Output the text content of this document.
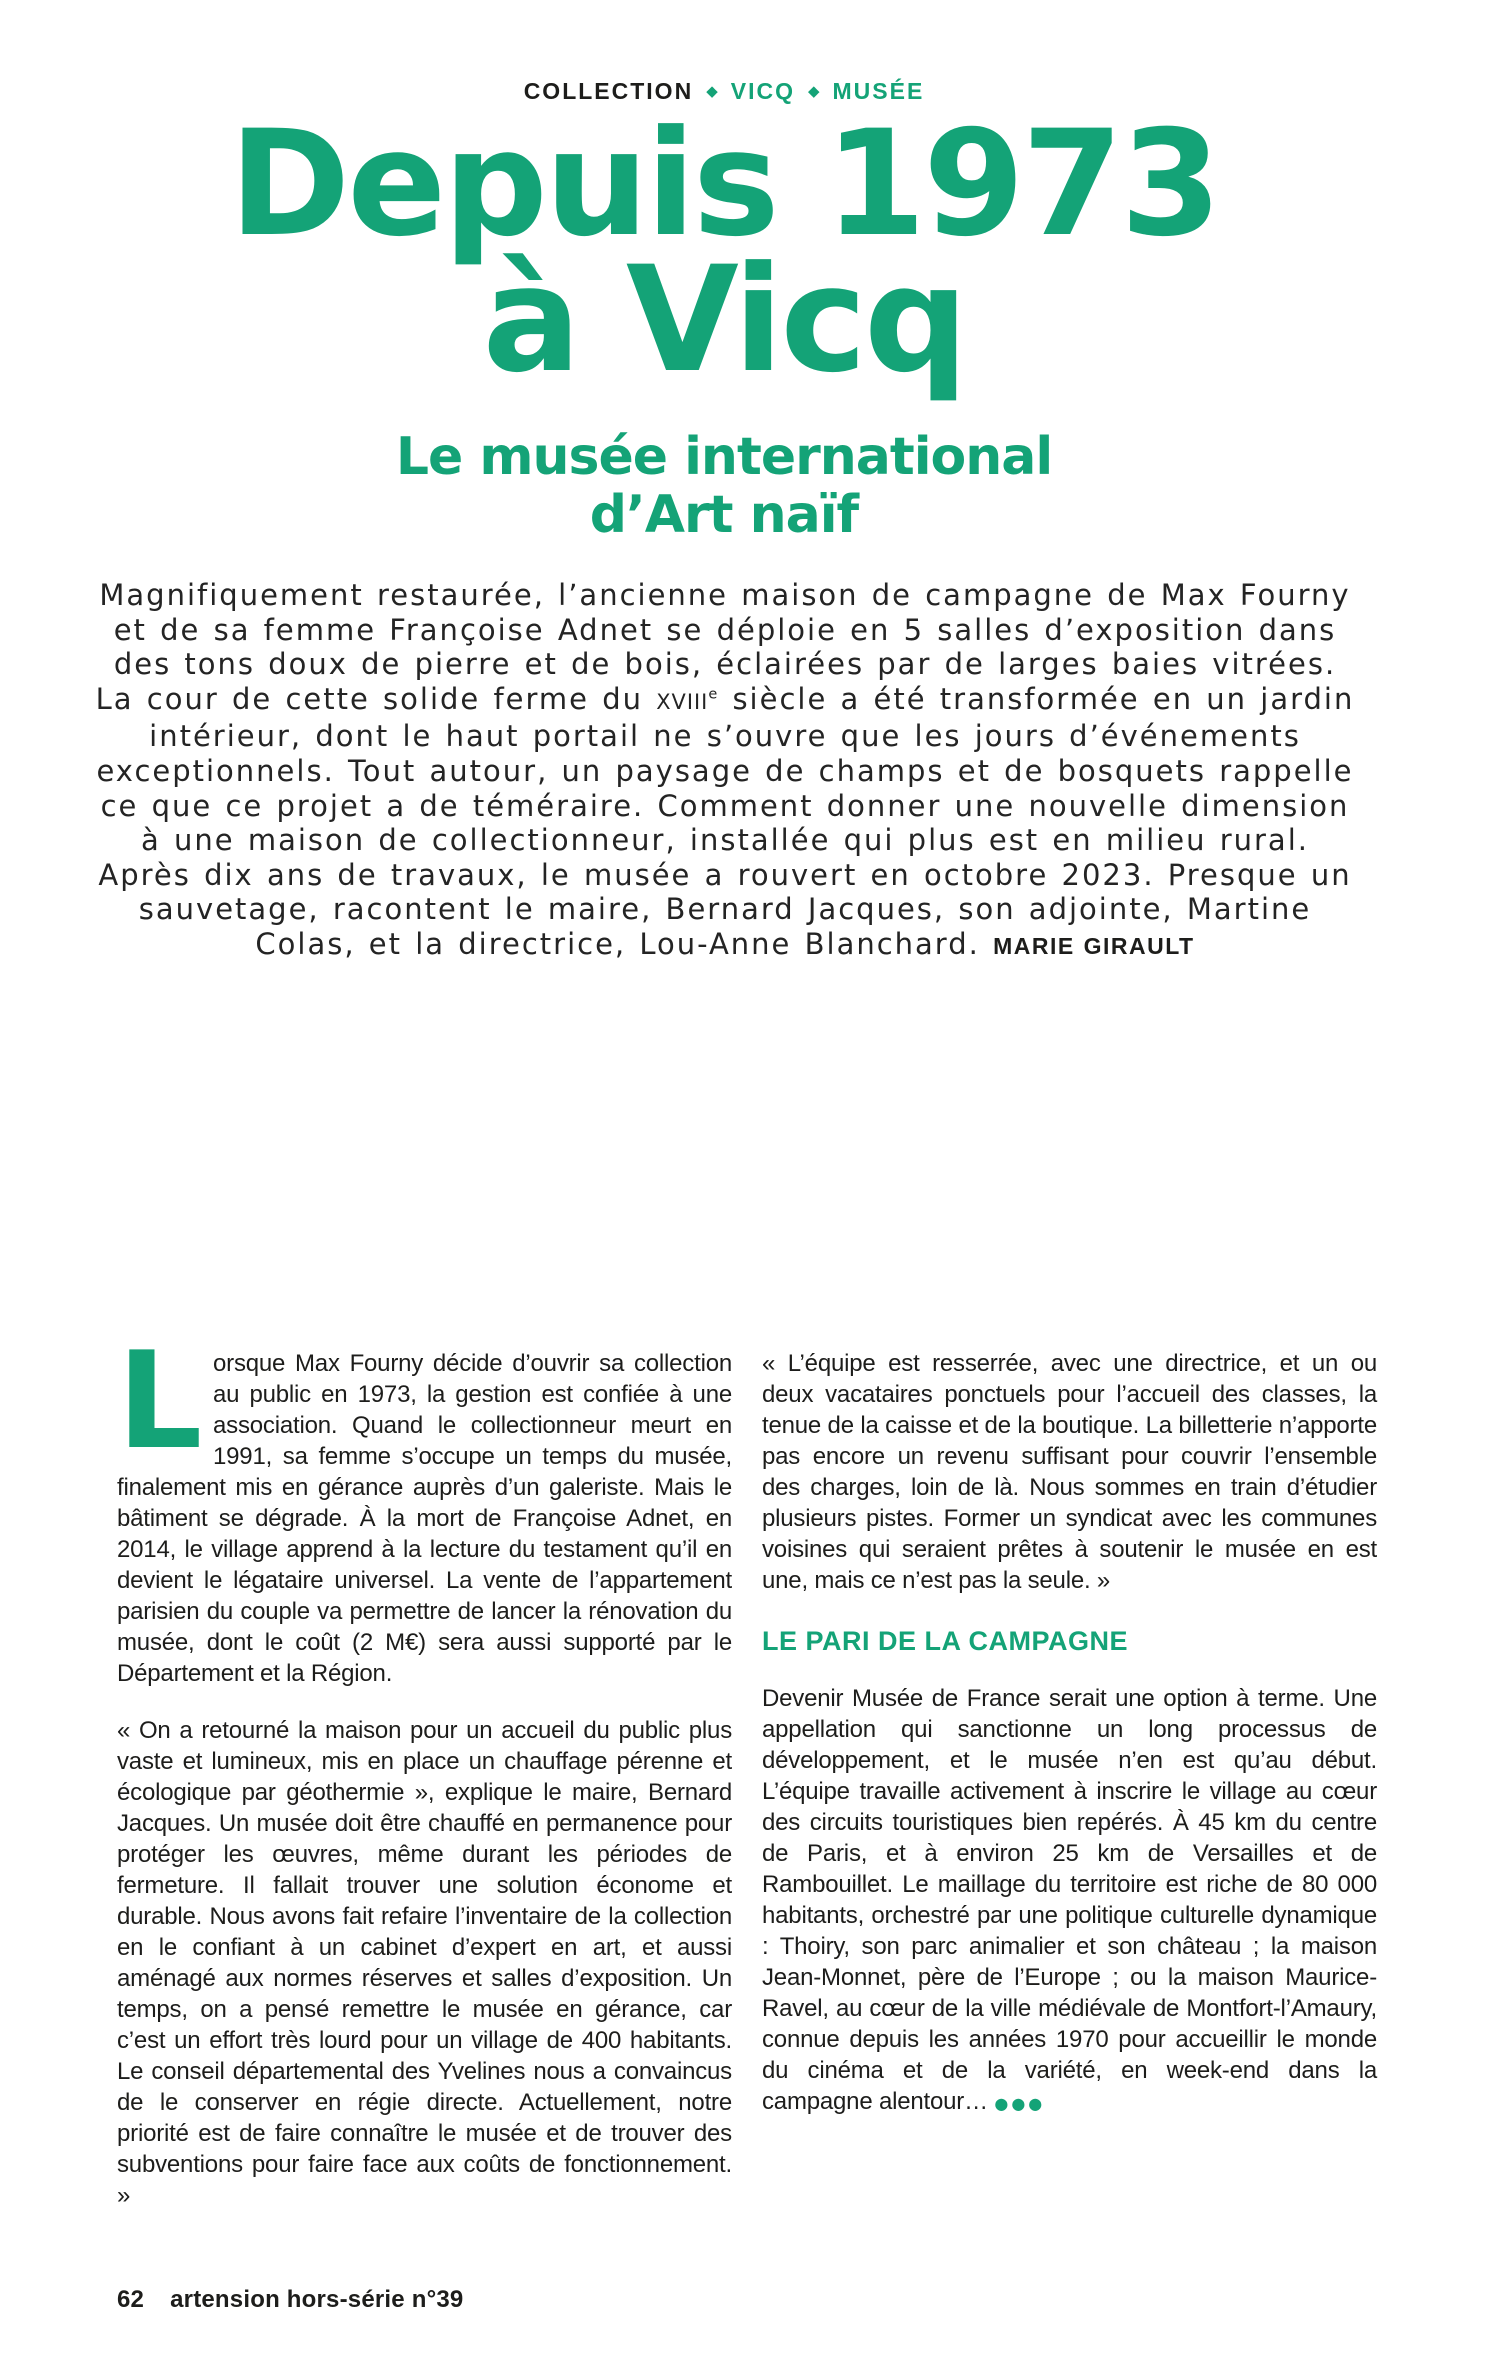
COLLECTION ◆ VICQ ◆ MUSÉE
Depuis 1973
à Vicq
Le musée international
d’Art naïf

Magnifiquement restaurée, l’ancienne maison de campagne de Max Fourny et de sa femme Françoise Adnet se déploie en 5 salles d’exposition dans des tons doux de pierre et de bois, éclairées par de larges baies vitrées. La cour de cette solide ferme du XVIIIe siècle a été transformée en un jardin intérieur, dont le haut portail ne s’ouvre que les jours d’événements exceptionnels. Tout autour, un paysage de champs et de bosquets rappelle ce que ce projet a de téméraire. Comment donner une nouvelle dimension à une maison de collectionneur, installée qui plus est en milieu rural. Après dix ans de travaux, le musée a rouvert en octobre 2023. Presque un sauvetage, racontent le maire, Bernard Jacques, son adjointe, Martine Colas, et la directrice, Lou-Anne Blanchard. MARIE GIRAULT

Lorsque Max Fourny décide d’ouvrir sa collection au public en 1973, la gestion est confiée à une association. Quand le collectionneur meurt en 1991, sa femme s’occupe un temps du musée, finalement mis en gérance auprès d’un galeriste. Mais le bâtiment se dégrade. À la mort de Françoise Adnet, en 2014, le village apprend à la lecture du testament qu’il en devient le légataire universel. La vente de l’appartement parisien du couple va permettre de lancer la rénovation du musée, dont le coût (2 M€) sera aussi supporté par le Département et la Région.

« On a retourné la maison pour un accueil du public plus vaste et lumineux, mis en place un chauffage pérenne et écologique par géothermie », explique le maire, Bernard Jacques. Un musée doit être chauffé en permanence pour protéger les œuvres, même durant les périodes de fermeture. Il fallait trouver une solution économe et durable. Nous avons fait refaire l’inventaire de la collection en le confiant à un cabinet d’expert en art, et aussi aménagé aux normes réserves et salles d’exposition. Un temps, on a pensé remettre le musée en gérance, car c’est un effort très lourd pour un village de 400 habitants. Le conseil départemental des Yvelines nous a convaincus de le conserver en régie directe. Actuellement, notre priorité est de faire connaître le musée et de trouver des subventions pour faire face aux coûts de fonctionnement. »

« L’équipe est resserrée, avec une directrice, et un ou deux vacataires ponctuels pour l’accueil des classes, la tenue de la caisse et de la boutique. La billetterie n’apporte pas encore un revenu suffisant pour couvrir l’ensemble des charges, loin de là. Nous sommes en train d’étudier plusieurs pistes. Former un syndicat avec les communes voisines qui seraient prêtes à soutenir le musée en est une, mais ce n’est pas la seule. »

LE PARI DE LA CAMPAGNE

Devenir Musée de France serait une option à terme. Une appellation qui sanctionne un long processus de développement, et le musée n’en est qu’au début. L’équipe travaille activement à inscrire le village au cœur des circuits touristiques bien repérés. À 45 km du centre de Paris, et à environ 25 km de Versailles et de Rambouillet. Le maillage du territoire est riche de 80 000 habitants, orchestré par une politique culturelle dynamique : Thoiry, son parc animalier et son château ; la maison Jean-Monnet, père de l’Europe ; ou la maison Maurice-Ravel, au cœur de la ville médiévale de Montfort-l’Amaury, connue depuis les années 1970 pour accueillir le monde du cinéma et de la variété, en week-end dans la campagne alentour… ●●●

62 artension hors-série n°39
